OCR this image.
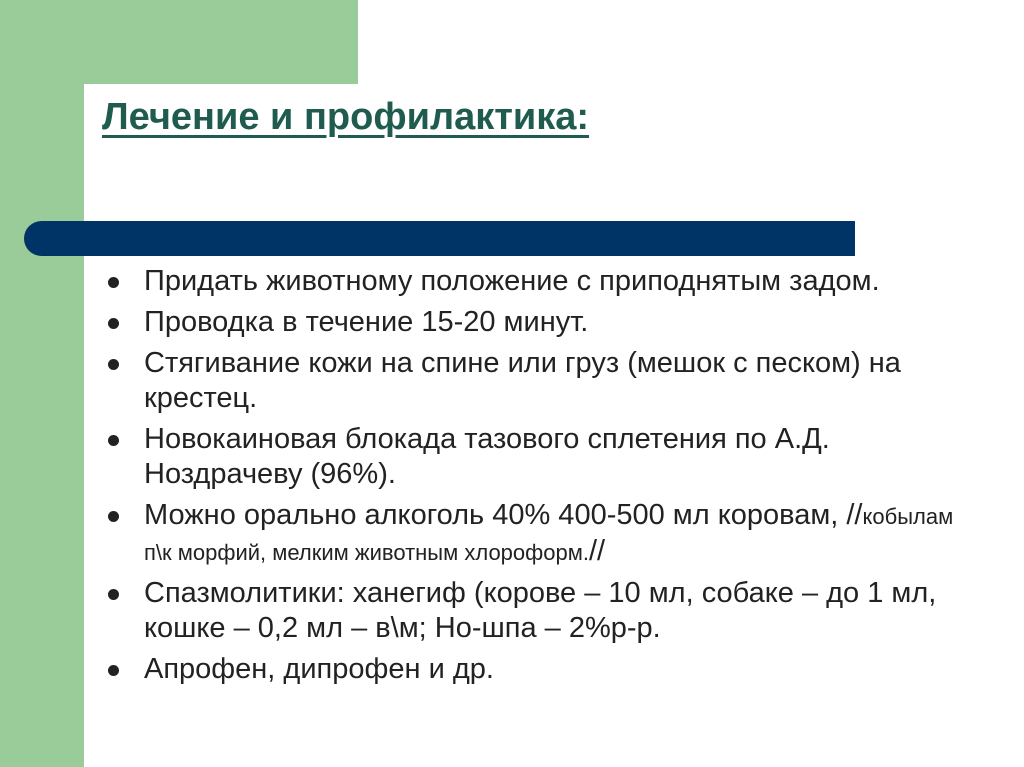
Лечение и профилактика:
Придать животному положение с приподнятым задом.
Проводка в течение 15-20 минут.
Стягивание кожи на спине или груз (мешок с песком) на крестец.
Новокаиновая блокада тазового сплетения по А.Д. Ноздрачеву (96%).
Можно орально алкоголь 40% 400-500 мл коровам, //кобылам п\к морфий, мелким животным хлороформ.//
Спазмолитики: ханегиф (корове – 10 мл, собаке – до 1 мл, кошке – 0,2 мл – в\м; Но-шпа – 2%р-р.
Апрофен, дипрофен и др.
